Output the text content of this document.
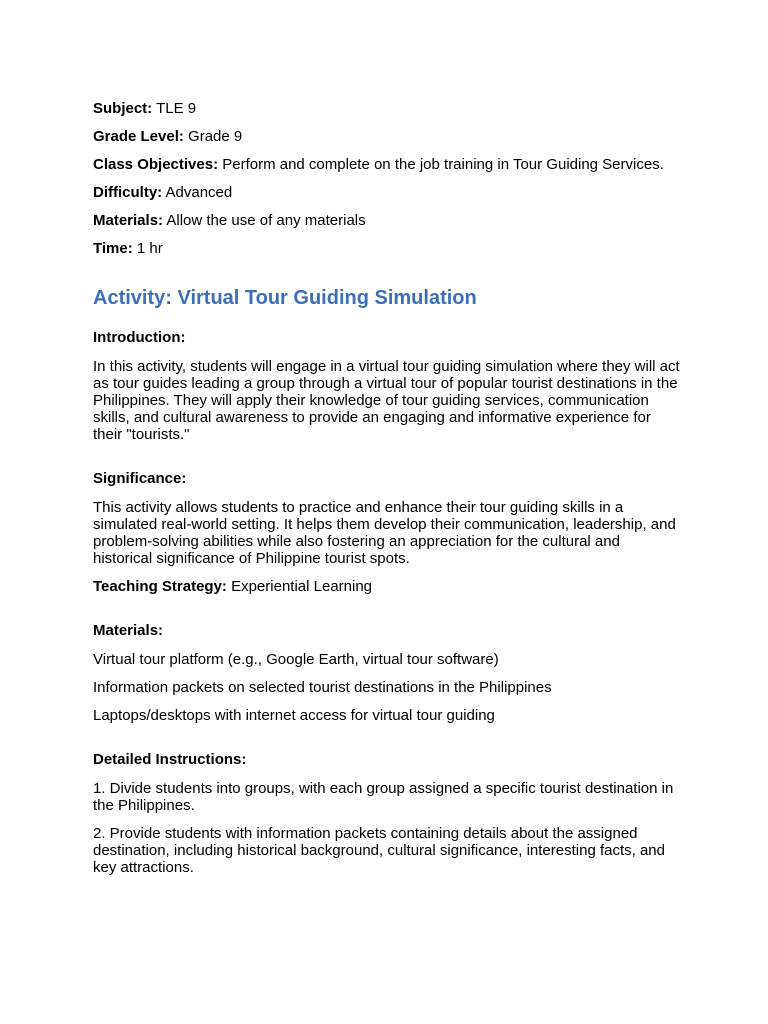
Subject: TLE 9

Grade Level: Grade 9

Class Objectives: Perform and complete on the job training in Tour Guiding Services.

Difficulty: Advanced

Materials: Allow the use of any materials

Time: 1 hr

Activity: Virtual Tour Guiding Simulation

Introduction:

In this activity, students will engage in a virtual tour guiding simulation where they will act as tour guides leading a group through a virtual tour of popular tourist destinations in the Philippines. They will apply their knowledge of tour guiding services, communication skills, and cultural awareness to provide an engaging and informative experience for their "tourists."

Significance:

This activity allows students to practice and enhance their tour guiding skills in a simulated real-world setting. It helps them develop their communication, leadership, and problem-solving abilities while also fostering an appreciation for the cultural and historical significance of Philippine tourist spots.

Teaching Strategy: Experiential Learning

Materials:

Virtual tour platform (e.g., Google Earth, virtual tour software)

Information packets on selected tourist destinations in the Philippines

Laptops/desktops with internet access for virtual tour guiding

Detailed Instructions:

1. Divide students into groups, with each group assigned a specific tourist destination in the Philippines.

2. Provide students with information packets containing details about the assigned destination, including historical background, cultural significance, interesting facts, and key attractions.
